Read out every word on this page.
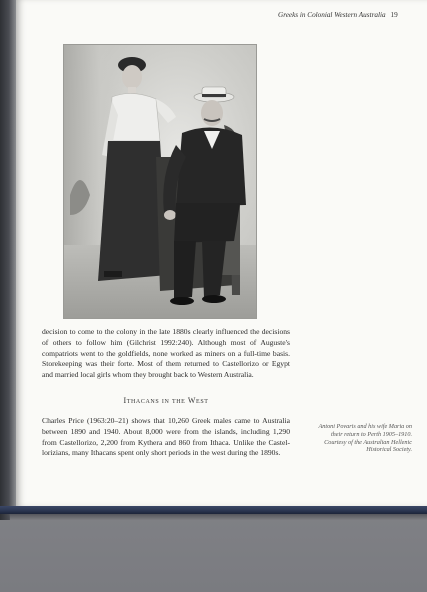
Greeks in Colonial Western Australia 19
Antoni Povaris and his wife Maria on
their return to Perth 1905–1910.
Courtesy of the Australian Hellenic
Historical Society.
decision to come to the colony in the late 1880s clearly influenced the decisions
of others to follow him (Gilchrist 1992:240). Although most of Auguste's
compatriots went to the goldfields, none worked as miners on a full-time basis.
Storekeeping was their forte. Most of them returned to Castellorizo or Egypt
and married local girls whom they brought back to Western Australia.
Ithacans in the West
Charles Price (1963:20–21) shows that 10,260 Greek males came to Australia
between 1890 and 1940. About 8,000 were from the islands, including 1,290
from Castellorizo, 2,200 from Kythera and 860 from Ithaca. Unlike the Castel-
lorizians, many Ithacans spent only short periods in the west during the 1890s.
